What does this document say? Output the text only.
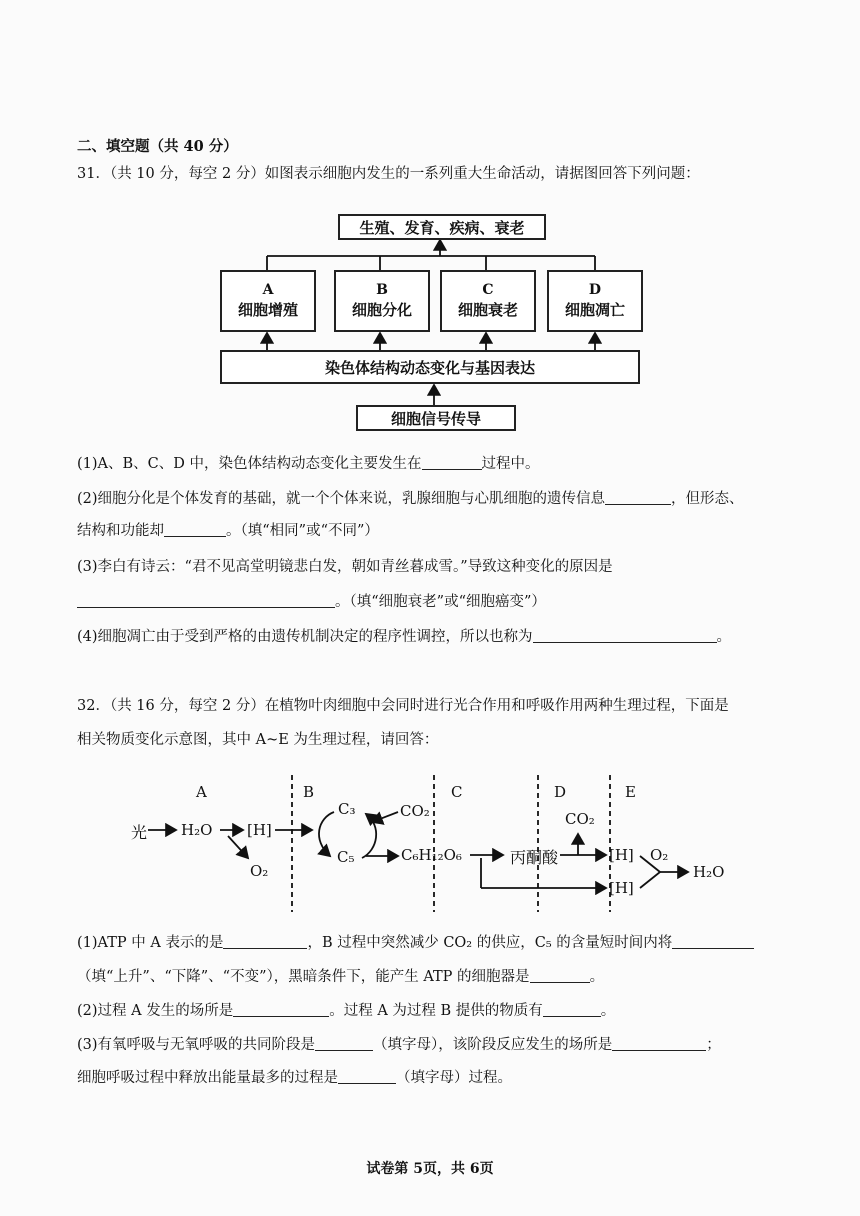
二、填空题（共 40 分）
31．（共 10 分，每空 2 分）如图表示细胞内发生的一系列重大生命活动，请据图回答下列问题：
生殖、发育、疾病、衰老
A
细胞增殖
B
细胞分化
C
细胞衰老
D
细胞凋亡
染色体结构动态变化与基因表达
细胞信号传导
(1)A、B、C、D 中，染色体结构动态变化主要发生在	过程中。
(2)细胞分化是个体发育的基础，就一个个体来说，乳腺细胞与心肌细胞的遗传信息	，但形态、
结构和功能却	。（填“相同”或“不同”）
(3)李白有诗云：“君不见高堂明镜悲白发，朝如青丝暮成雪。”导致这种变化的原因是
。（填“细胞衰老”或“细胞癌变”）
(4)细胞凋亡由于受到严格的由遗传机制决定的程序性调控，所以也称为	。
32．（共 16 分，每空 2 分）在植物叶肉细胞中会同时进行光合作用和呼吸作用两种生理过程，下面是
相关物质变化示意图，其中 A~E 为生理过程，请回答：
A	B	C	D	E
光 H₂O [H]
O₂
C₃
C₅
CO₂
C₆H₁₂O₆	丙酮酸
CO₂
[H] O₂
[H]
H₂O
(1)ATP 中 A 表示的是	，B 过程中突然减少 CO₂ 的供应，C₅ 的含量短时间内将
（填“上升”、“下降”、“不变”），黑暗条件下，能产生 ATP 的细胞器是	。
(2)过程 A 发生的场所是	。过程 A 为过程 B 提供的物质有	。
(3)有氧呼吸与无氧呼吸的共同阶段是	（填字母），该阶段反应发生的场所是	；
细胞呼吸过程中释放出能量最多的过程是	（填字母）过程。
试卷第 5页，共 6页
